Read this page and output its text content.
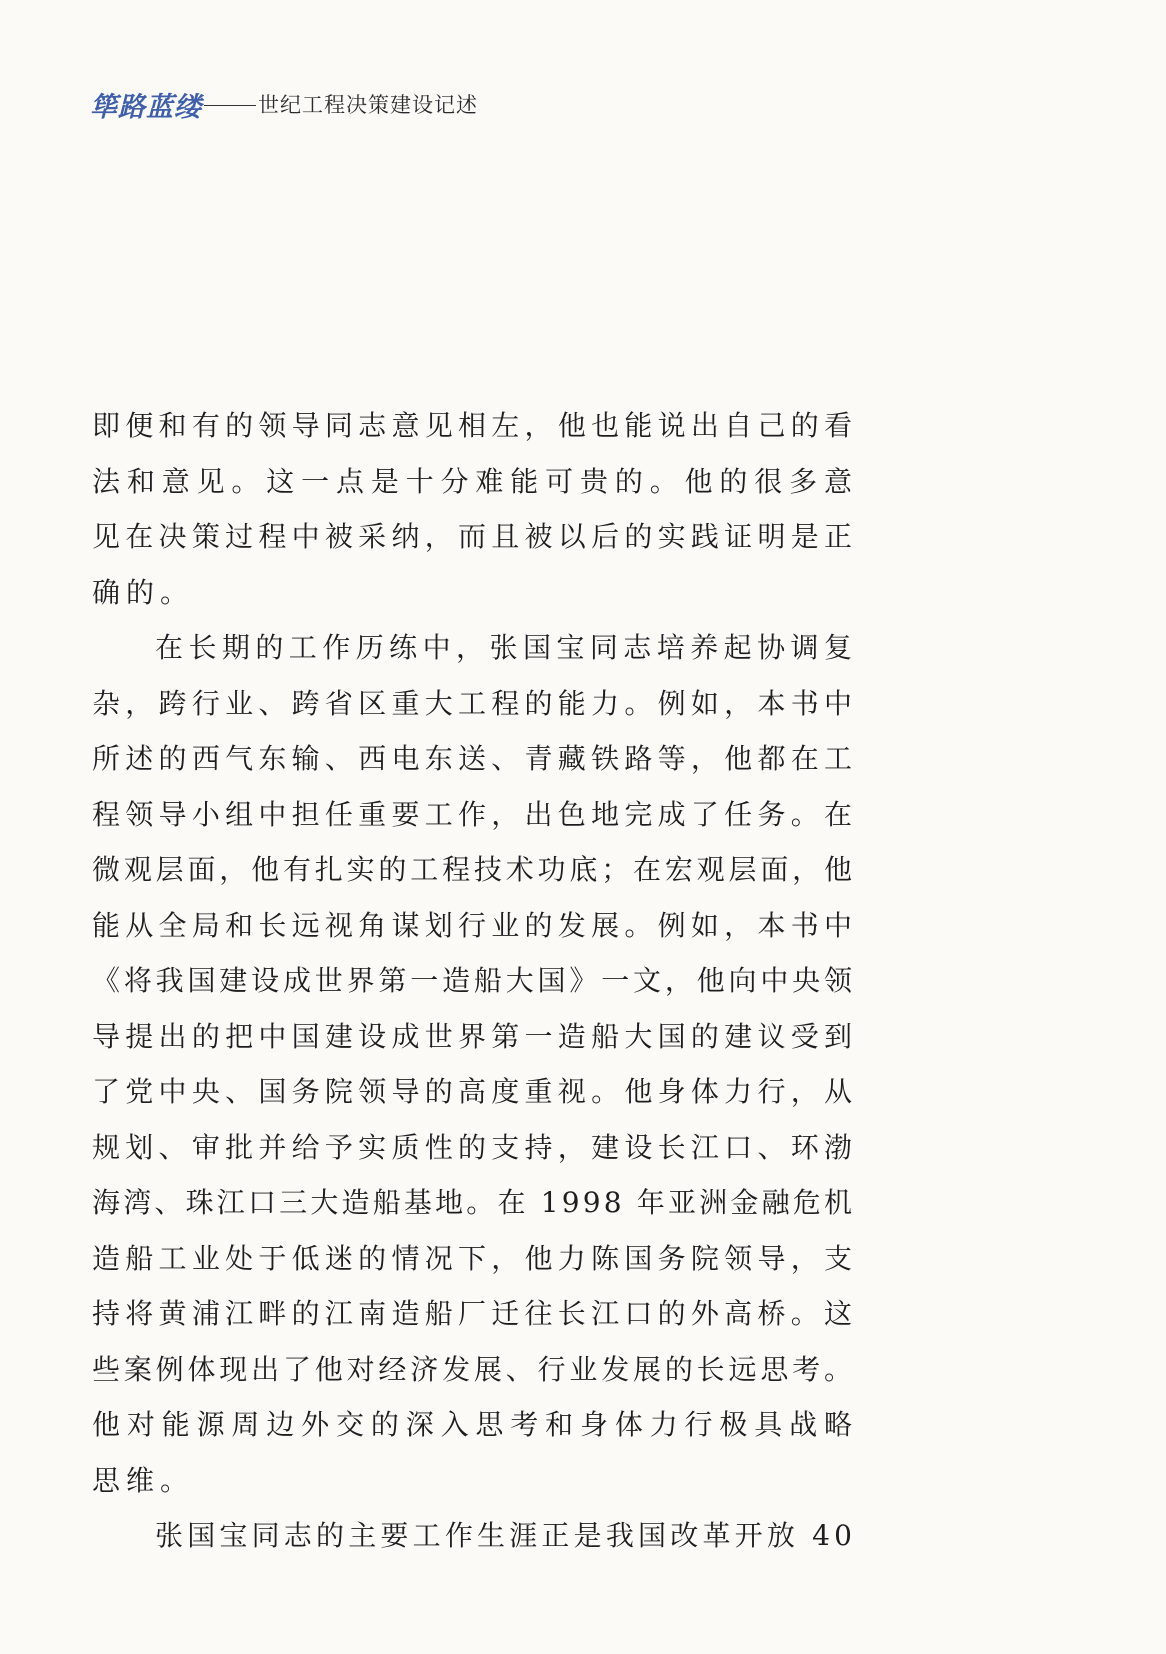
筚路蓝缕	世纪工程决策建设记述
即便和有的领导同志意见相左，他也能说出自己的看
法和意见。这一点是十分难能可贵的。他的很多意
见在决策过程中被采纳，而且被以后的实践证明是正
确的。
在长期的工作历练中，张国宝同志培养起协调复
杂，跨行业、跨省区重大工程的能力。例如，本书中
所述的西气东输、西电东送、青藏铁路等，他都在工
程领导小组中担任重要工作，出色地完成了任务。在
微观层面，他有扎实的工程技术功底；在宏观层面，他
能从全局和长远视角谋划行业的发展。例如，本书中
《将我国建设成世界第一造船大国》一文，他向中央领
导提出的把中国建设成世界第一造船大国的建议受到
了党中央、国务院领导的高度重视。他身体力行，从
规划、审批并给予实质性的支持，建设长江口、环渤
海湾、珠江口三大造船基地。在 1998 年亚洲金融危机
造船工业处于低迷的情况下，他力陈国务院领导，支
持将黄浦江畔的江南造船厂迁往长江口的外高桥。这
些案例体现出了他对经济发展、行业发展的长远思考。
他对能源周边外交的深入思考和身体力行极具战略
思维。
张国宝同志的主要工作生涯正是我国改革开放 40
